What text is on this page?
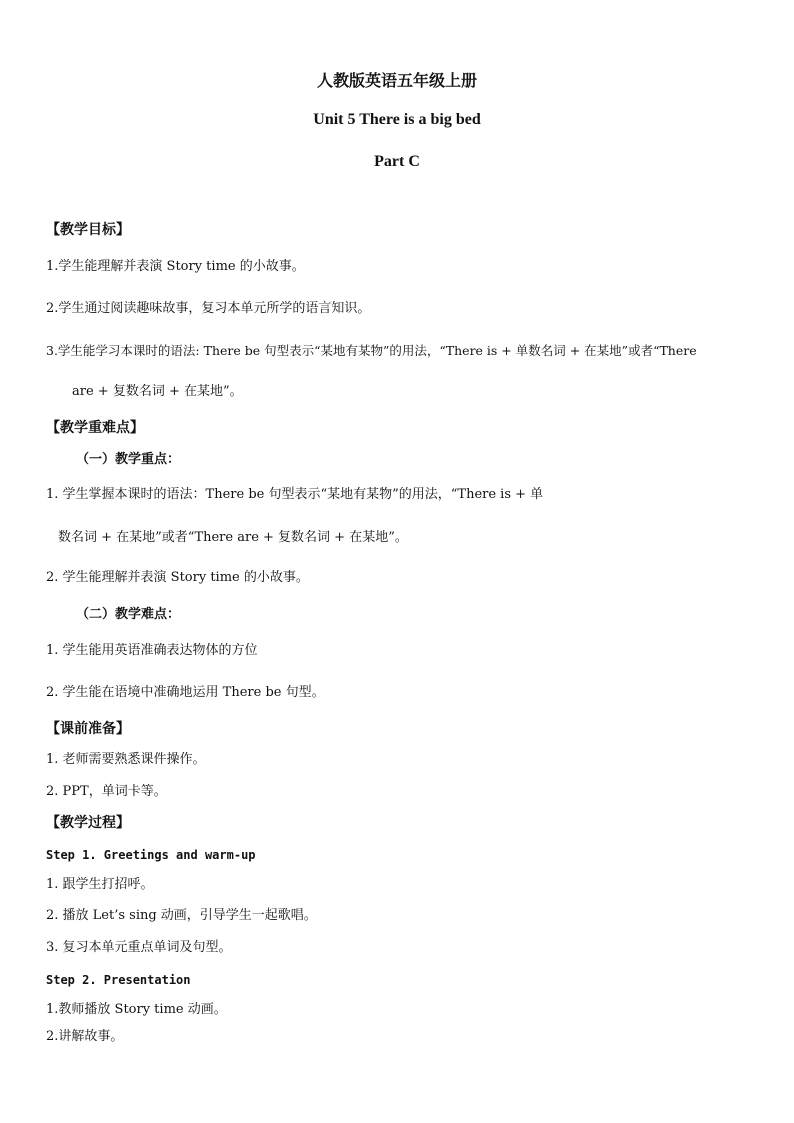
人教版英语五年级上册
Unit 5 There is a big bed
Part C
【教学目标】
1.学生能理解并表演 Story time 的小故事。
2.学生通过阅读趣味故事，复习本单元所学的语言知识。
3.学生能学习本课时的语法: There be 句型表示“某地有某物”的用法，“There is + 单数名词 + 在某地”或者“There
are + 复数名词 + 在某地”。
【教学重难点】
（一）教学重点：
1. 学生掌握本课时的语法：There be 句型表示“某地有某物”的用法，“There is + 单
数名词 + 在某地”或者“There are + 复数名词 + 在某地”。
2. 学生能理解并表演 Story time 的小故事。
（二）教学难点：
1. 学生能用英语准确表达物体的方位
2. 学生能在语境中准确地运用 There be 句型。
【课前准备】
1. 老师需要熟悉课件操作。
2. PPT，单词卡等。
【教学过程】
Step 1. Greetings and warm-up
1. 跟学生打招呼。
2. 播放 Let’s sing 动画，引导学生一起歌唱。
3. 复习本单元重点单词及句型。
Step 2. Presentation
1.教师播放 Story time 动画。
2.讲解故事。
